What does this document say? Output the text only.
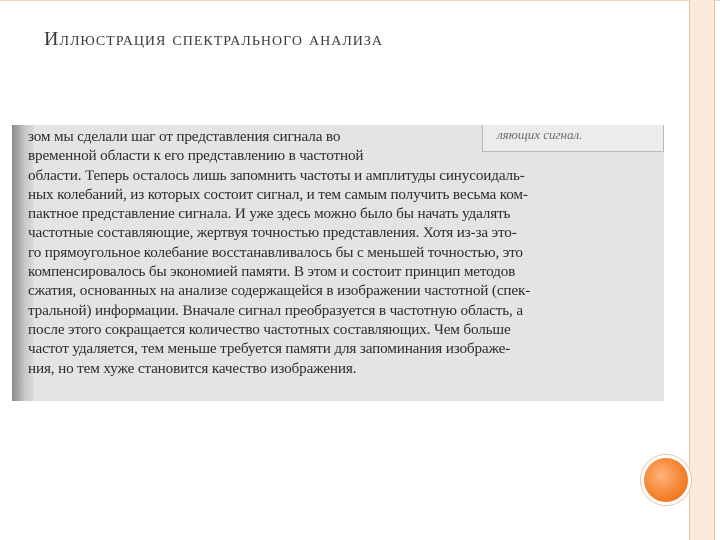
Иллюстрация спектрального анализа
ляющих сигнал.
зом мы сделали шаг от представления сигнала во
временной области к его представлению в частотной
области. Теперь осталось лишь запомнить частоты и амплитуды синусоидаль-
ных колебаний, из которых состоит сигнал, и тем самым получить весьма ком-
пактное представление сигнала. И уже здесь можно было бы начать удалять
частотные составляющие, жертвуя точностью представления. Хотя из-за это-
го прямоугольное колебание восстанавливалось бы с меньшей точностью, это
компенсировалось бы экономией памяти. В этом и состоит принцип методов
сжатия, основанных на анализе содержащейся в изображении частотной (спек-
тральной) информации. Вначале сигнал преобразуется в частотную область, а
после этого сокращается количество частотных составляющих. Чем больше
частот удаляется, тем меньше требуется памяти для запоминания изображе-
ния, но тем хуже становится качество изображения.
